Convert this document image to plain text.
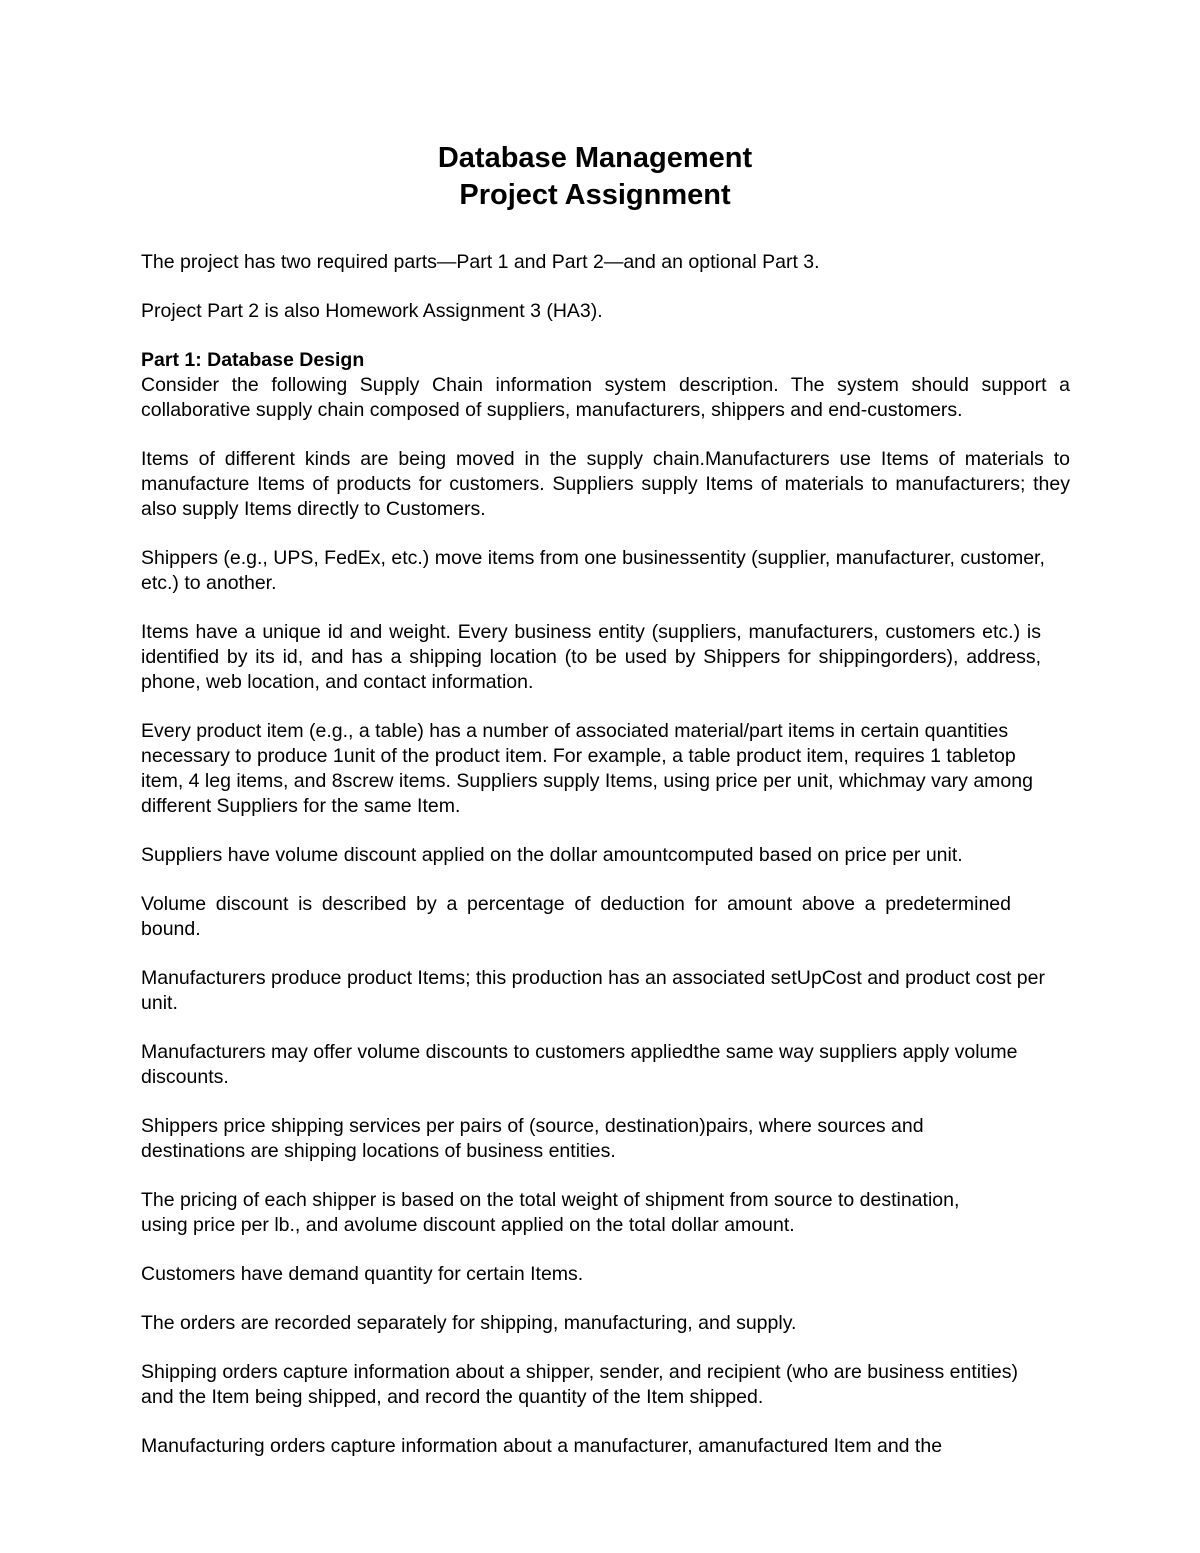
Database Management
Project Assignment

The project has two required parts—Part 1 and Part 2—and an optional Part 3.

Project Part 2 is also Homework Assignment 3 (HA3).

Part 1: Database Design
Consider the following Supply Chain information system description. The system should support a collaborative supply chain composed of suppliers, manufacturers, shippers and end-customers.

Items of different kinds are being moved in the supply chain.Manufacturers use Items of materials to manufacture Items of products for customers. Suppliers supply Items of materials to manufacturers; they also supply Items directly to Customers.

Shippers (e.g., UPS, FedEx, etc.) move items from one businessentity (supplier, manufacturer, customer, etc.) to another.

Items have a unique id and weight. Every business entity (suppliers, manufacturers, customers etc.) is identified by its id, and has a shipping location (to be used by Shippers for shippingorders), address, phone, web location, and contact information.

Every product item (e.g., a table) has a number of associated material/part items in certain quantities necessary to produce 1unit of the product item. For example, a table product item, requires 1 tabletop item, 4 leg items, and 8screw items. Suppliers supply Items, using price per unit, whichmay vary among different Suppliers for the same Item.

Suppliers have volume discount applied on the dollar amountcomputed based on price per unit.

Volume discount is described by a percentage of deduction for amount above a predetermined bound.

Manufacturers produce product Items; this production has an associated setUpCost and product cost per unit.

Manufacturers may offer volume discounts to customers appliedthe same way suppliers apply volume discounts.

Shippers price shipping services per pairs of (source, destination)pairs, where sources and destinations are shipping locations of business entities.

The pricing of each shipper is based on the total weight of shipment from source to destination, using price per lb., and avolume discount applied on the total dollar amount.

Customers have demand quantity for certain Items.

The orders are recorded separately for shipping, manufacturing, and supply.

Shipping orders capture information about a shipper, sender, and recipient (who are business entities) and the Item being shipped, and record the quantity of the Item shipped.

Manufacturing orders capture information about a manufacturer, amanufactured Item and the
